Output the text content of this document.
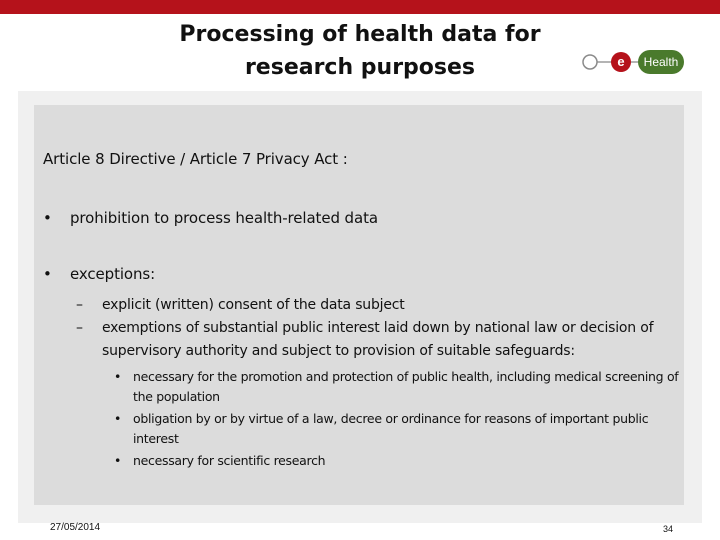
Processing of health data for
research purposes	e Health
Article 8 Directive / Article 7 Privacy Act :
• prohibition to process health-related data
• exceptions:
– explicit (written) consent of the data subject
– exemptions of substantial public interest laid down by national law or decision of supervisory authority and subject to provision of suitable safeguards:
• necessary for the promotion and protection of public health, including medical screening of the population
• obligation by or by virtue of a law, decree or ordinance for reasons of important public interest
• necessary for scientific research
27/05/2014	34
